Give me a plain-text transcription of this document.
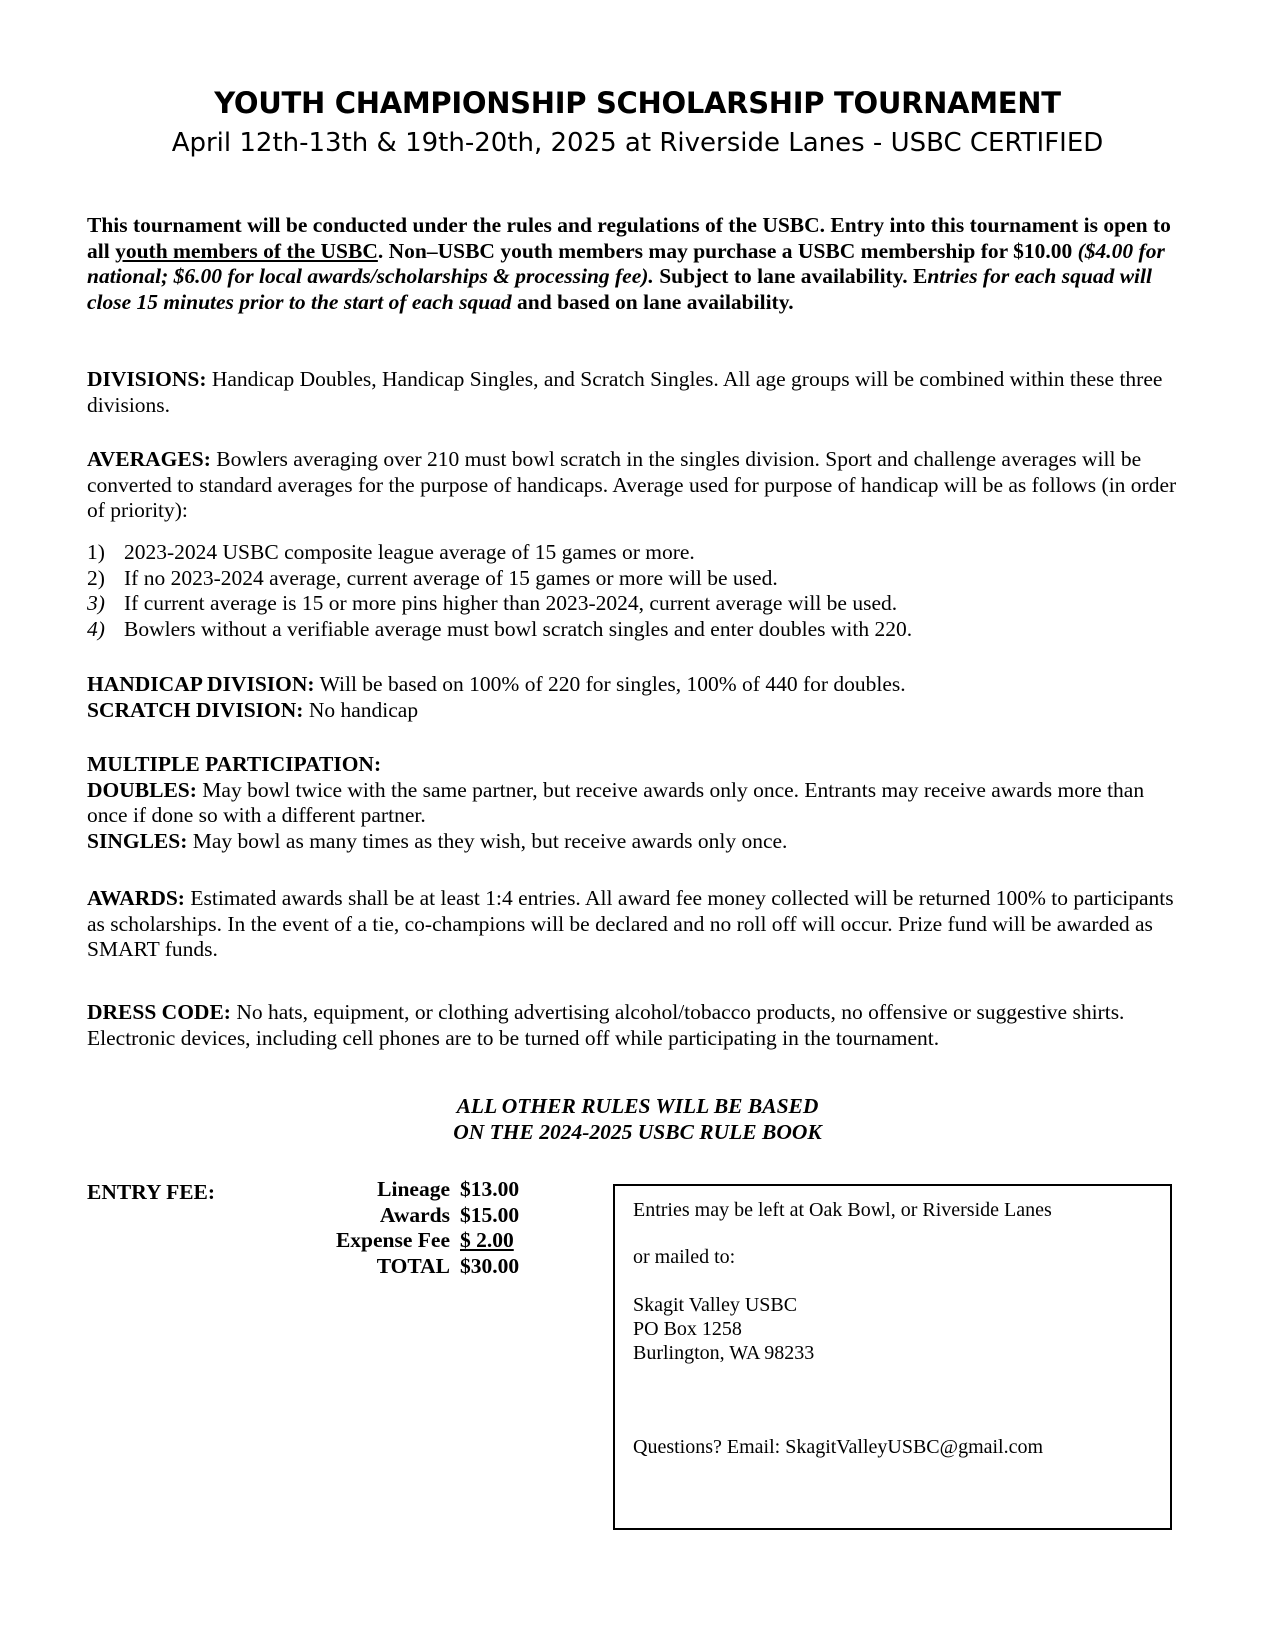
YOUTH CHAMPIONSHIP SCHOLARSHIP TOURNAMENT
April 12th-13th & 19th-20th, 2025 at Riverside Lanes - USBC CERTIFIED

This tournament will be conducted under the rules and regulations of the USBC. Entry into this tournament is open to all youth members of the USBC. Non–USBC youth members may purchase a USBC membership for $10.00 ($4.00 for national; $6.00 for local awards/scholarships & processing fee). Subject to lane availability. Entries for each squad will close 15 minutes prior to the start of each squad and based on lane availability.

DIVISIONS: Handicap Doubles, Handicap Singles, and Scratch Singles. All age groups will be combined within these three divisions.

AVERAGES: Bowlers averaging over 210 must bowl scratch in the singles division. Sport and challenge averages will be converted to standard averages for the purpose of handicaps. Average used for purpose of handicap will be as follows (in order of priority):

1) 2023-2024 USBC composite league average of 15 games or more.
2) If no 2023-2024 average, current average of 15 games or more will be used.
3) If current average is 15 or more pins higher than 2023-2024, current average will be used.
4) Bowlers without a verifiable average must bowl scratch singles and enter doubles with 220.
HANDICAP DIVISION: Will be based on 100% of 220 for singles, 100% of 440 for doubles.
SCRATCH DIVISION: No handicap
MULTIPLE PARTICIPATION:
DOUBLES: May bowl twice with the same partner, but receive awards only once. Entrants may receive awards more than once if done so with a different partner.
SINGLES: May bowl as many times as they wish, but receive awards only once.

AWARDS: Estimated awards shall be at least 1:4 entries. All award fee money collected will be returned 100% to participants as scholarships. In the event of a tie, co-champions will be declared and no roll off will occur. Prize fund will be awarded as SMART funds.

DRESS CODE: No hats, equipment, or clothing advertising alcohol/tobacco products, no offensive or suggestive shirts. Electronic devices, including cell phones are to be turned off while participating in the tournament.

ALL OTHER RULES WILL BE BASED
ON THE 2024-2025 USBC RULE BOOK
ENTRY FEE:	Lineage	$13.00
Awards	$15.00
Expense Fee	$ 2.00
TOTAL	$30.00
Entries may be left at Oak Bowl, or Riverside Lanes
or mailed to:
Skagit Valley USBC
PO Box 1258
Burlington, WA 98233
Questions? Email: SkagitValleyUSBC@gmail.com
